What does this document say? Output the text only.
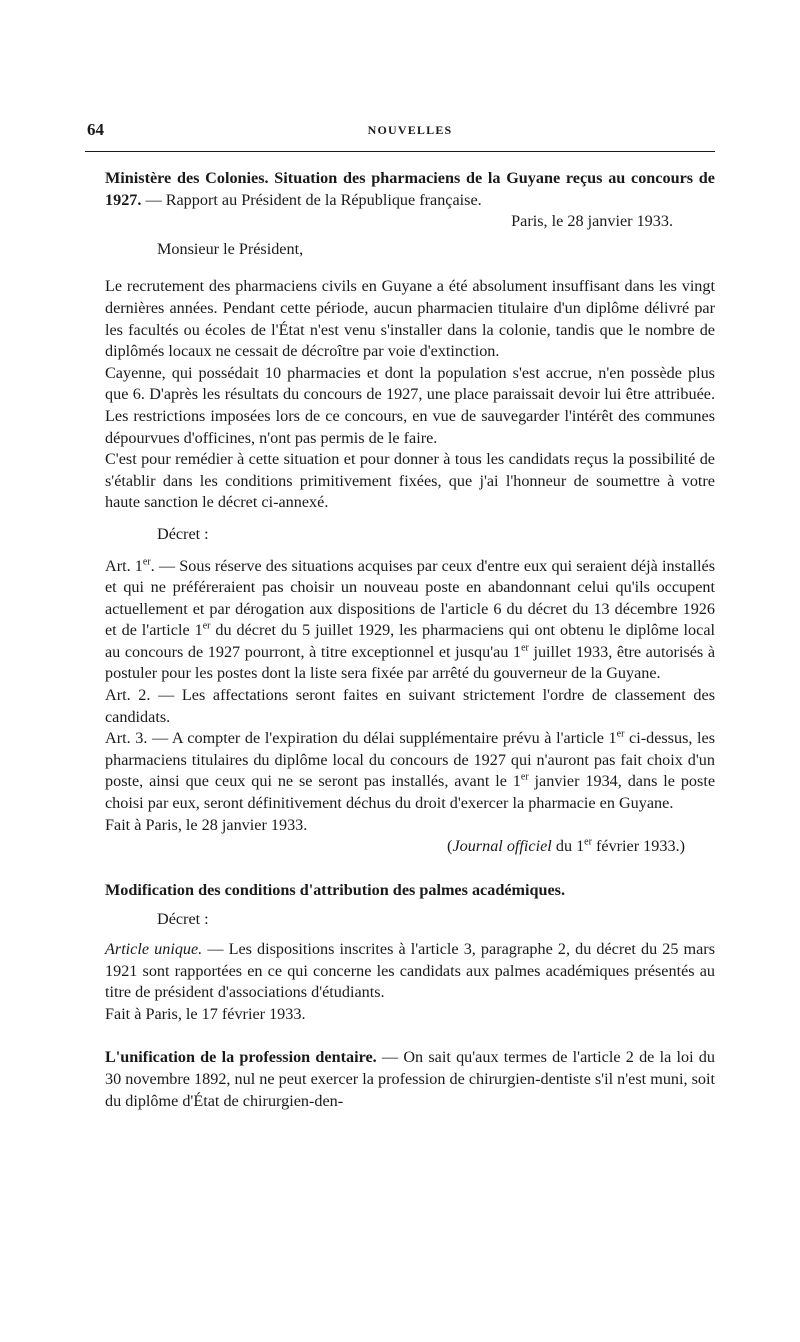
64	NOUVELLES

Ministère des Colonies. Situation des pharmaciens de la Guyane reçus au concours de 1927. — Rapport au Président de la République française.

Paris, le 28 janvier 1933.

Monsieur le Président,

Le recrutement des pharmaciens civils en Guyane a été absolument insuffisant dans les vingt dernières années. Pendant cette période, aucun pharmacien titulaire d'un diplôme délivré par les facultés ou écoles de l'État n'est venu s'installer dans la colonie, tandis que le nombre de diplômés locaux ne cessait de décroître par voie d'extinction.

Cayenne, qui possédait 10 pharmacies et dont la population s'est accrue, n'en possède plus que 6. D'après les résultats du concours de 1927, une place paraissait devoir lui être attribuée. Les restrictions imposées lors de ce concours, en vue de sauvegarder l'intérêt des communes dépourvues d'officines, n'ont pas permis de le faire.

C'est pour remédier à cette situation et pour donner à tous les candidats reçus la possibilité de s'établir dans les conditions primitivement fixées, que j'ai l'honneur de soumettre à votre haute sanction le décret ci-annexé.

Décret :

Art. 1er. — Sous réserve des situations acquises par ceux d'entre eux qui seraient déjà installés et qui ne préféreraient pas choisir un nouveau poste en abandonnant celui qu'ils occupent actuellement et par dérogation aux dispositions de l'article 6 du décret du 13 décembre 1926 et de l'article 1er du décret du 5 juillet 1929, les pharmaciens qui ont obtenu le diplôme local au concours de 1927 pourront, à titre exceptionnel et jusqu'au 1er juillet 1933, être autorisés à postuler pour les postes dont la liste sera fixée par arrêté du gouverneur de la Guyane.

Art. 2. — Les affectations seront faites en suivant strictement l'ordre de classement des candidats.

Art. 3. — A compter de l'expiration du délai supplémentaire prévu à l'article 1er ci-dessus, les pharmaciens titulaires du diplôme local du concours de 1927 qui n'auront pas fait choix d'un poste, ainsi que ceux qui ne se seront pas installés, avant le 1er janvier 1934, dans le poste choisi par eux, seront définitivement déchus du droit d'exercer la pharmacie en Guyane.

Fait à Paris, le 28 janvier 1933.

(Journal officiel du 1er février 1933.)

Modification des conditions d'attribution des palmes académiques.

Décret :

Article unique. — Les dispositions inscrites à l'article 3, paragraphe 2, du décret du 25 mars 1921 sont rapportées en ce qui concerne les candidats aux palmes académiques présentés au titre de président d'associations d'étudiants.

Fait à Paris, le 17 février 1933.

L'unification de la profession dentaire. — On sait qu'aux termes de l'article 2 de la loi du 30 novembre 1892, nul ne peut exercer la profession de chirurgien-dentiste s'il n'est muni, soit du diplôme d'État de chirurgien-den-
